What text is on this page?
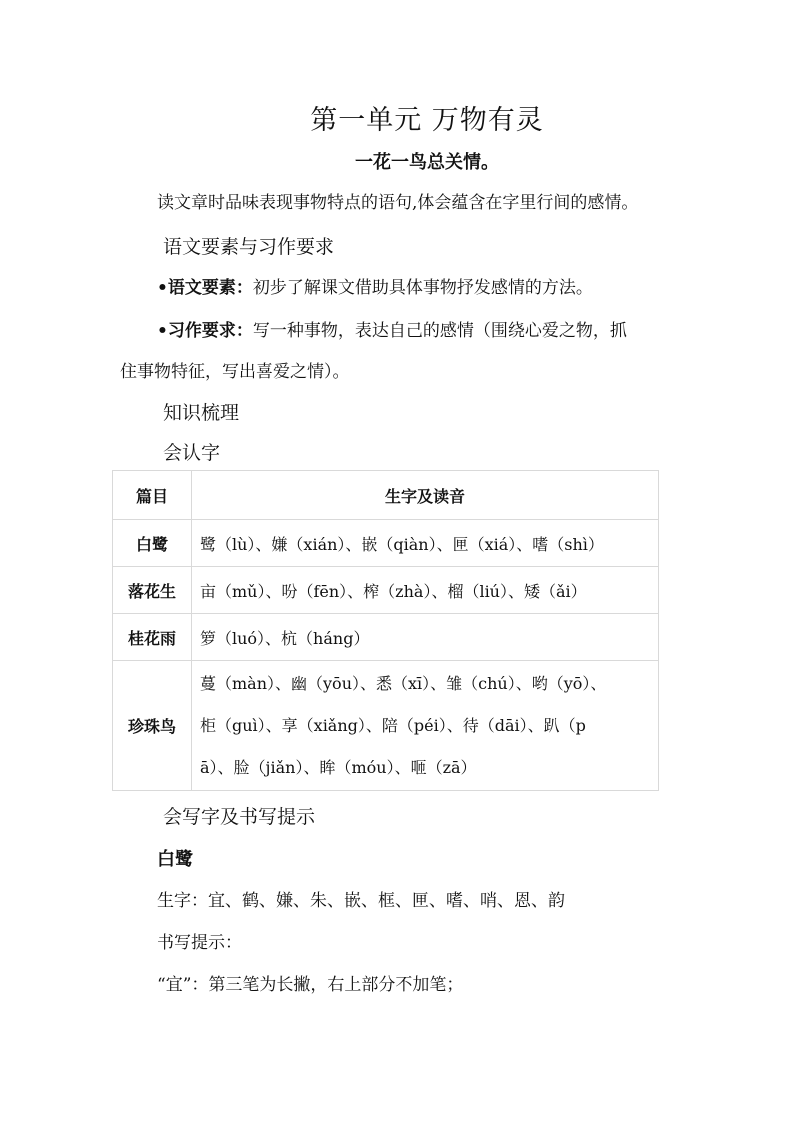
第一单元 万物有灵
一花一鸟总关情。
读文章时品味表现事物特点的语句,体会蕴含在字里行间的感情。
语文要素与习作要求
•语文要素：初步了解课文借助具体事物抒发感情的方法。
•习作要求：写一种事物，表达自己的感情（围绕心爱之物，抓
住事物特征，写出喜爱之情）。
知识梳理
会认字
篇目	生字及读音
白鹭	鹭（lù）、嫌（xián）、嵌（qiàn）、匣（xiá）、嗜（shì）
落花生	亩（mǔ）、吩（fēn）、榨（zhà）、榴（liú）、矮（ǎi）
桂花雨	箩（luó）、杭（háng）
珍珠鸟	蔓（màn）、幽（yōu）、悉（xī）、雏（chú）、哟（yō）、
柜（guì）、享（xiǎng）、陪（péi）、待（dāi）、趴（p
ā）、脸（jiǎn）、眸（móu）、咂（zā）
会写字及书写提示
白鹭
生字：宜、鹤、嫌、朱、嵌、框、匣、嗜、哨、恩、韵
书写提示：
“宜”：第三笔为长撇，右上部分不加笔；
